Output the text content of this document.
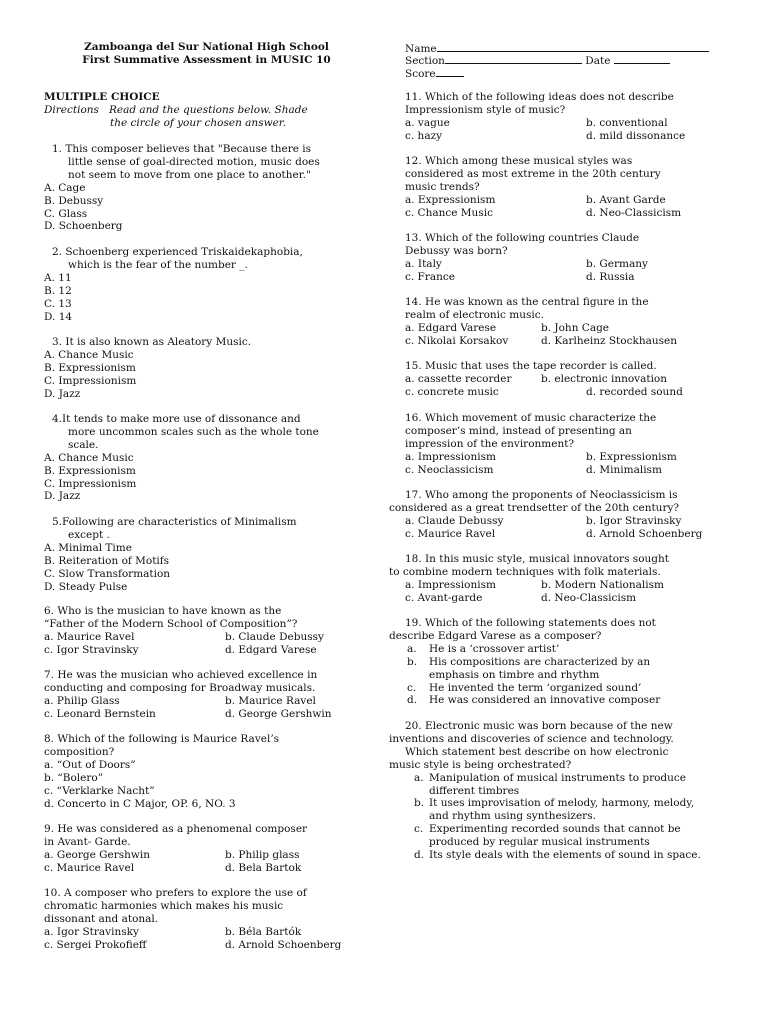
Zamboanga del Sur National High School
First Summative Assessment in MUSIC 10
MULTIPLE CHOICE
Directions Read and the questions below. Shade
the circle of your chosen answer.
1. This composer believes that "Because there is
little sense of goal-directed motion, music does
not seem to move from one place to another."
A. Cage
B. Debussy
C. Glass
D. Schoenberg
2. Schoenberg experienced Triskaidekaphobia,
which is the fear of the number _.
A. 11
B. 12
C. 13
D. 14
3. It is also known as Aleatory Music.
A. Chance Music
B. Expressionism
C. Impressionism
D. Jazz
4.It tends to make more use of dissonance and
more uncommon scales such as the whole tone
scale.
A. Chance Music
B. Expressionism
C. Impressionism
D. Jazz
5.Following are characteristics of Minimalism
except .
A. Minimal Time
B. Reiteration of Motifs
C. Slow Transformation
D. Steady Pulse
6. Who is the musician to have known as the
“Father of the Modern School of Composition”?
a. Maurice Ravel	b. Claude Debussy
c. Igor Stravinsky	d. Edgard Varese
7. He was the musician who achieved excellence in
conducting and composing for Broadway musicals.
a. Philip Glass	b. Maurice Ravel
c. Leonard Bernstein	d. George Gershwin
8. Which of the following is Maurice Ravel’s
composition?
a. “Out of Doors”
b. “Bolero”
c. “Verklarke Nacht”
d. Concerto in C Major, OP. 6, NO. 3
9. He was considered as a phenomenal composer
in Avant- Garde.
a. George Gershwin	b. Philip glass
c. Maurice Ravel	d. Bela Bartok
10. A composer who prefers to explore the use of
chromatic harmonies which makes his music
dissonant and atonal.
a. Igor Stravinsky	b. Béla Bartók
c. Sergei Prokofieff	d. Arnold Schoenberg
Name
Section	Date
Score
11. Which of the following ideas does not describe
Impressionism style of music?
a. vague	b. conventional
c. hazy	d. mild dissonance
12. Which among these musical styles was
considered as most extreme in the 20th century
music trends?
a. Expressionism	b. Avant Garde
c. Chance Music	d. Neo-Classicism
13. Which of the following countries Claude
Debussy was born?
a. Italy	b. Germany
c. France	d. Russia
14. He was known as the central figure in the
realm of electronic music.
a. Edgard Varese	b. John Cage
c. Nikolai Korsakov	d. Karlheinz Stockhausen
15. Music that uses the tape recorder is called.
a. cassette recorder	b. electronic innovation
c. concrete music	d. recorded sound
16. Which movement of music characterize the
composer’s mind, instead of presenting an
impression of the environment?
a. Impressionism	b. Expressionism
c. Neoclassicism	d. Minimalism
17. Who among the proponents of Neoclassicism is
considered as a great trendsetter of the 20th century?
a. Claude Debussy	b. Igor Stravinsky
c. Maurice Ravel	d. Arnold Schoenberg
18. In this music style, musical innovators sought
to combine modern techniques with folk materials.
a. Impressionism	b. Modern Nationalism
c. Avant-garde	d. Neo-Classicism
19. Which of the following statements does not
describe Edgard Varese as a composer?
a.	He is a ‘crossover artist’
b.	His compositions are characterized by an emphasis on timbre and rhythm
c.	He invented the term ‘organized sound’
d.	He was considered an innovative composer
20. Electronic music was born because of the new
inventions and discoveries of science and technology.
Which statement best describe on how electronic
music style is being orchestrated?
a. Manipulation of musical instruments to produce different timbres
b. It uses improvisation of melody, harmony, melody, and rhythm using synthesizers.
c. Experimenting recorded sounds that cannot be produced by regular musical instruments
d. Its style deals with the elements of sound in space.
